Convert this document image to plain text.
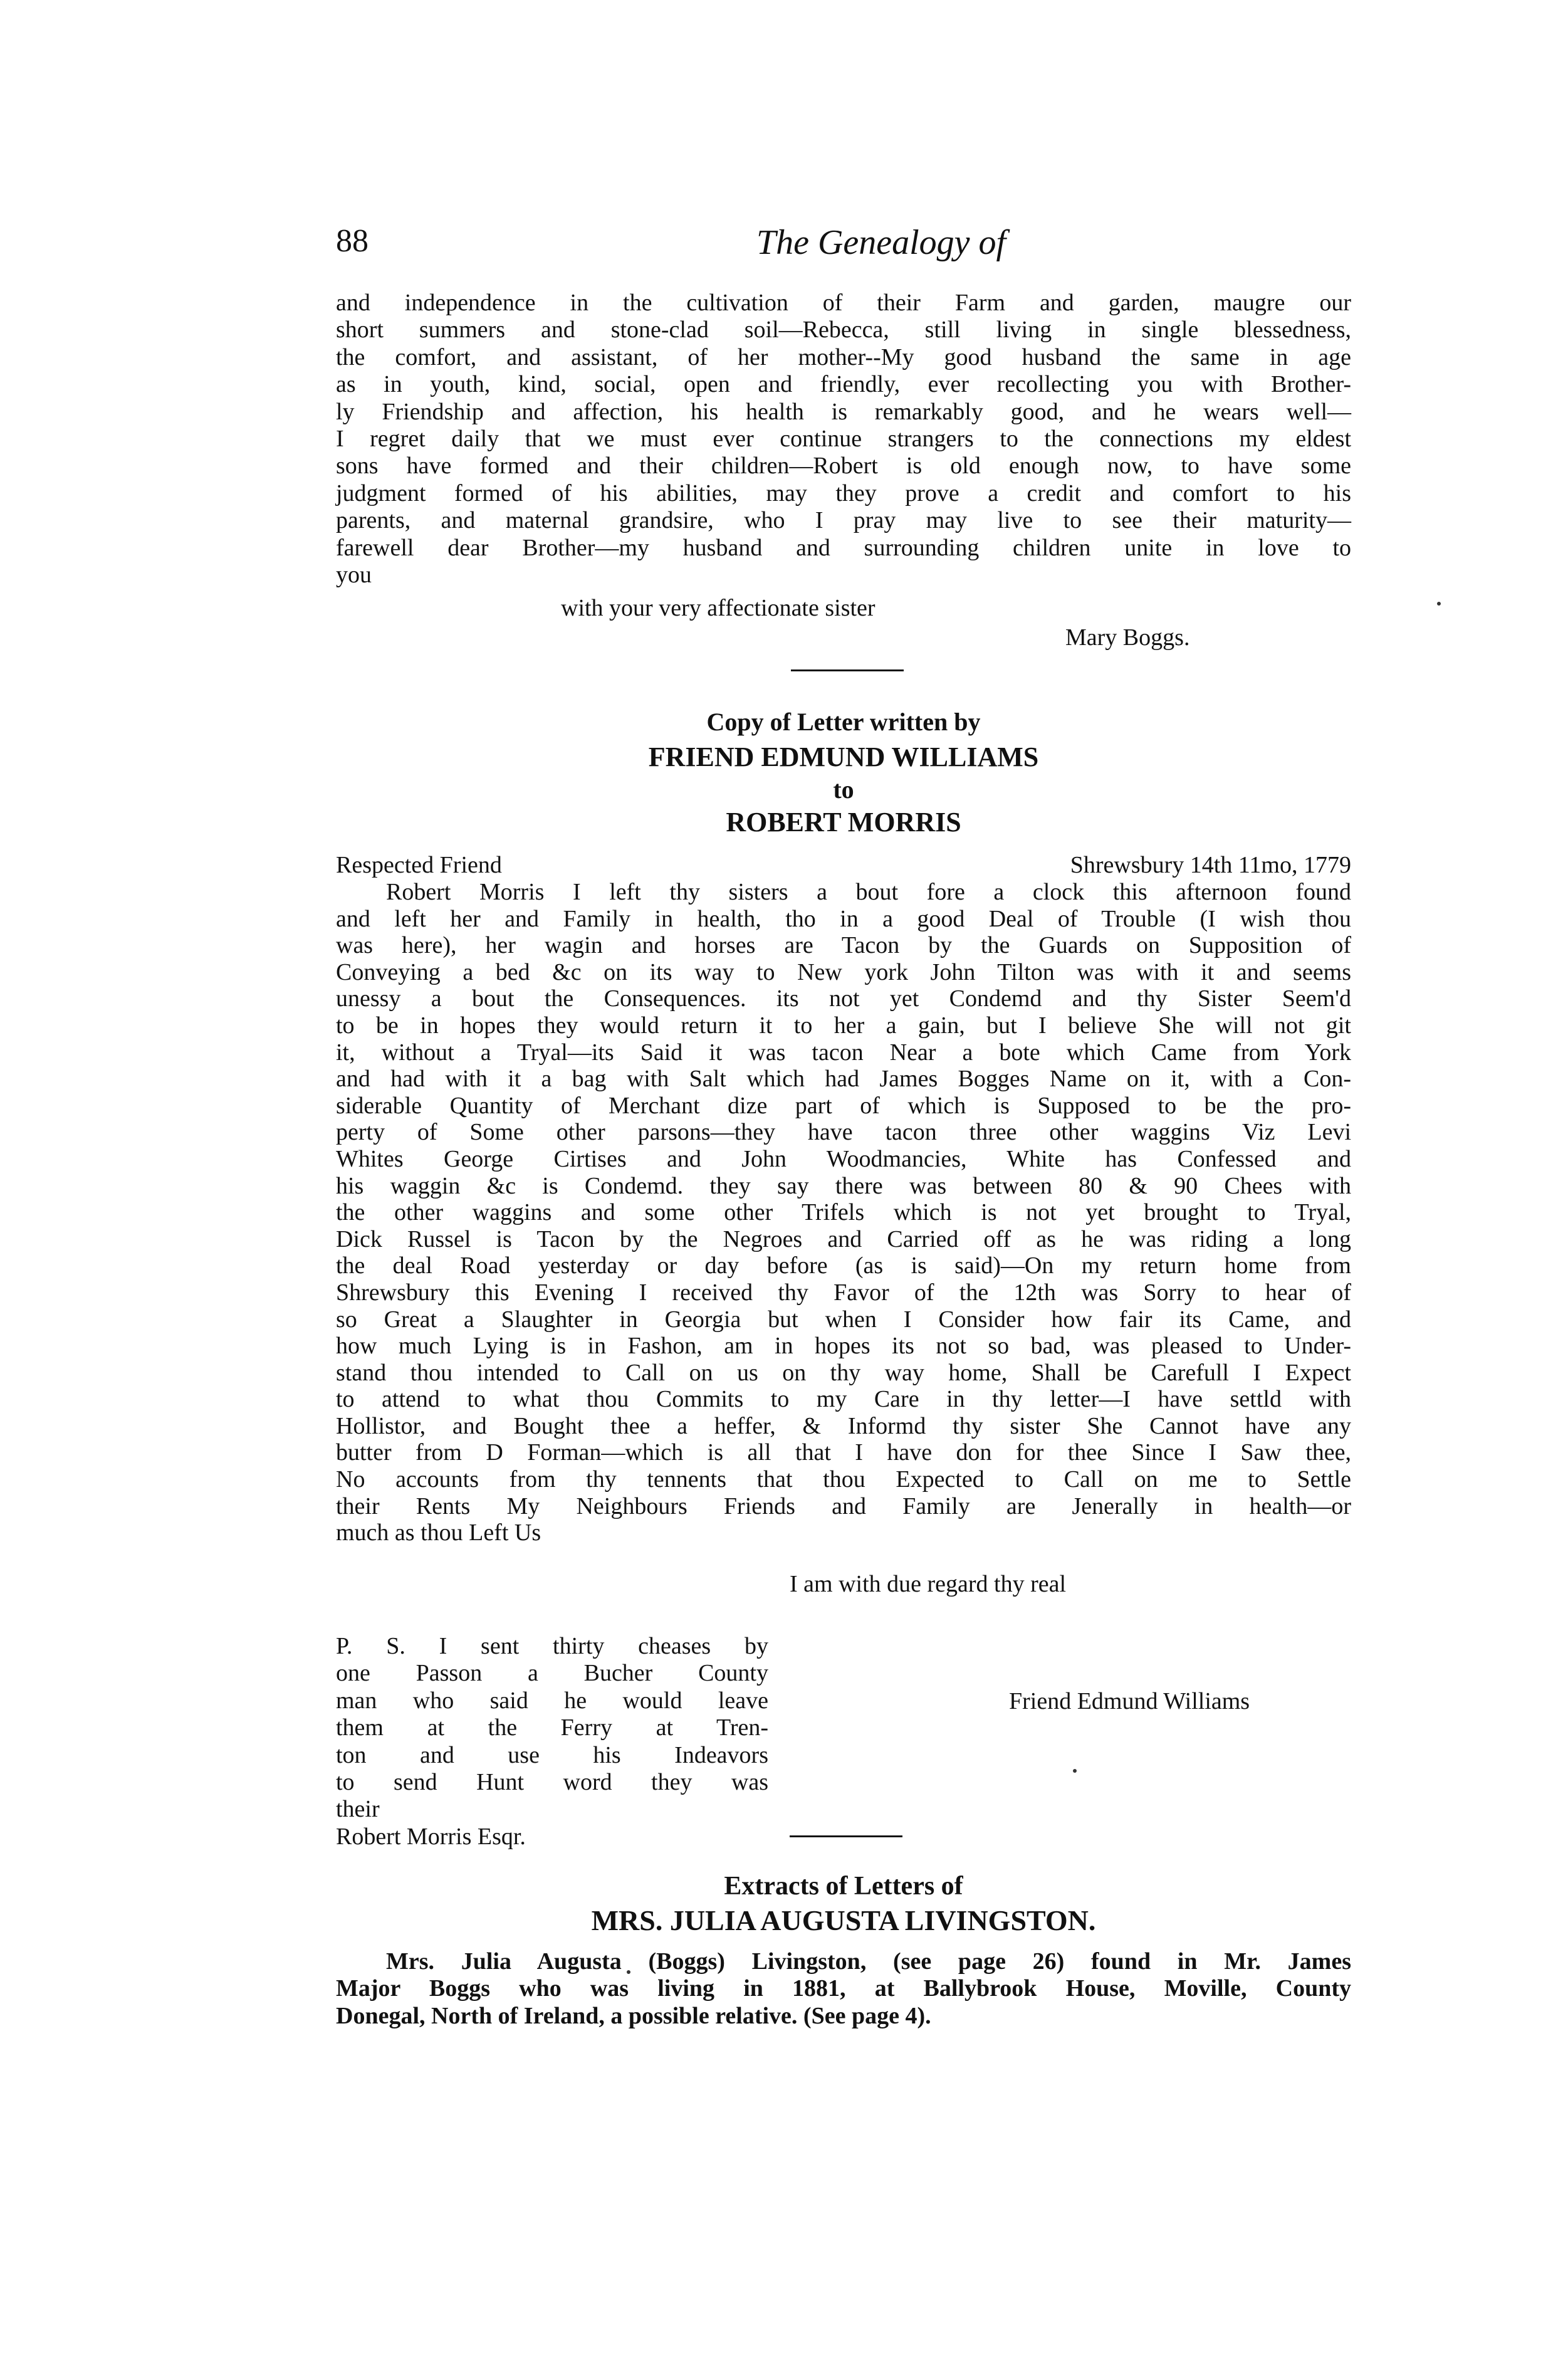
88	The Genealogy of

and independence in the cultivation of their Farm and garden, maugre our
short summers and stone-clad soil—Rebecca, still living in single blessedness,
the comfort, and assistant, of her mother--My good husband the same in age
as in youth, kind, social, open and friendly, ever recollecting you with Brother-
ly Friendship and affection, his health is remarkably good, and he wears well—
I regret daily that we must ever continue strangers to the connections my eldest
sons have formed and their children—Robert is old enough now, to have some
judgment formed of his abilities, may they prove a credit and comfort to his
parents, and maternal grandsire, who I pray may live to see their maturity—
farewell dear Brother—my husband and surrounding children unite in love to
you

with your very affectionate sister
Mary Boggs.
Copy of Letter written by
FRIEND EDMUND WILLIAMS
to
ROBERT MORRIS
Respected Friend	Shrewsbury 14th 11mo, 1779

Robert Morris I left thy sisters a bout fore a clock this afternoon found
and left her and Family in health, tho in a good Deal of Trouble (I wish thou
was here), her wagin and horses are Tacon by the Guards on Supposition of
Conveying a bed &c on its way to New york John Tilton was with it and seems
unessy a bout the Consequences. its not yet Condemd and thy Sister Seem'd
to be in hopes they would return it to her a gain, but I believe She will not git
it, without a Tryal—its Said it was tacon Near a bote which Came from York
and had with it a bag with Salt which had James Bogges Name on it, with a Con-
siderable Quantity of Merchant dize part of which is Supposed to be the pro-
perty of Some other parsons—they have tacon three other waggins Viz Levi
Whites George Cirtises and John Woodmancies, White has Confessed and
his waggin &c is Condemd. they say there was between 80 & 90 Chees with
the other waggins and some other Trifels which is not yet brought to Tryal,
Dick Russel is Tacon by the Negroes and Carried off as he was riding a long
the deal Road yesterday or day before (as is said)—On my return home from
Shrewsbury this Evening I received thy Favor of the 12th was Sorry to hear of
so Great a Slaughter in Georgia but when I Consider how fair its Came, and
how much Lying is in Fashon, am in hopes its not so bad, was pleased to Under-
stand thou intended to Call on us on thy way home, Shall be Carefull I Expect
to attend to what thou Commits to my Care in thy letter—I have settld with
Hollistor, and Bought thee a heffer, & Informd thy sister She Cannot have any
butter from D Forman—which is all that I have don for thee Since I Saw thee,
No accounts from thy tennents that thou Expected to Call on me to Settle
their Rents My Neighbours Friends and Family are Jenerally in health—or
much as thou Left Us

I am with due regard thy real
P. S. I sent thirty cheases by
one Passon a Bucher County
man who said he would leave
them at the Ferry at Tren-
ton and use his Indeavors
to send Hunt word they was
their
Robert Morris Esqr.
Friend Edmund Williams
Extracts of Letters of
MRS. JULIA AUGUSTA LIVINGSTON.

Mrs. Julia Augusta (Boggs) Livingston, (see page 26) found in Mr. James
Major Boggs who was living in 1881, at Ballybrook House, Moville, County
Donegal, North of Ireland, a possible relative. (See page 4).
